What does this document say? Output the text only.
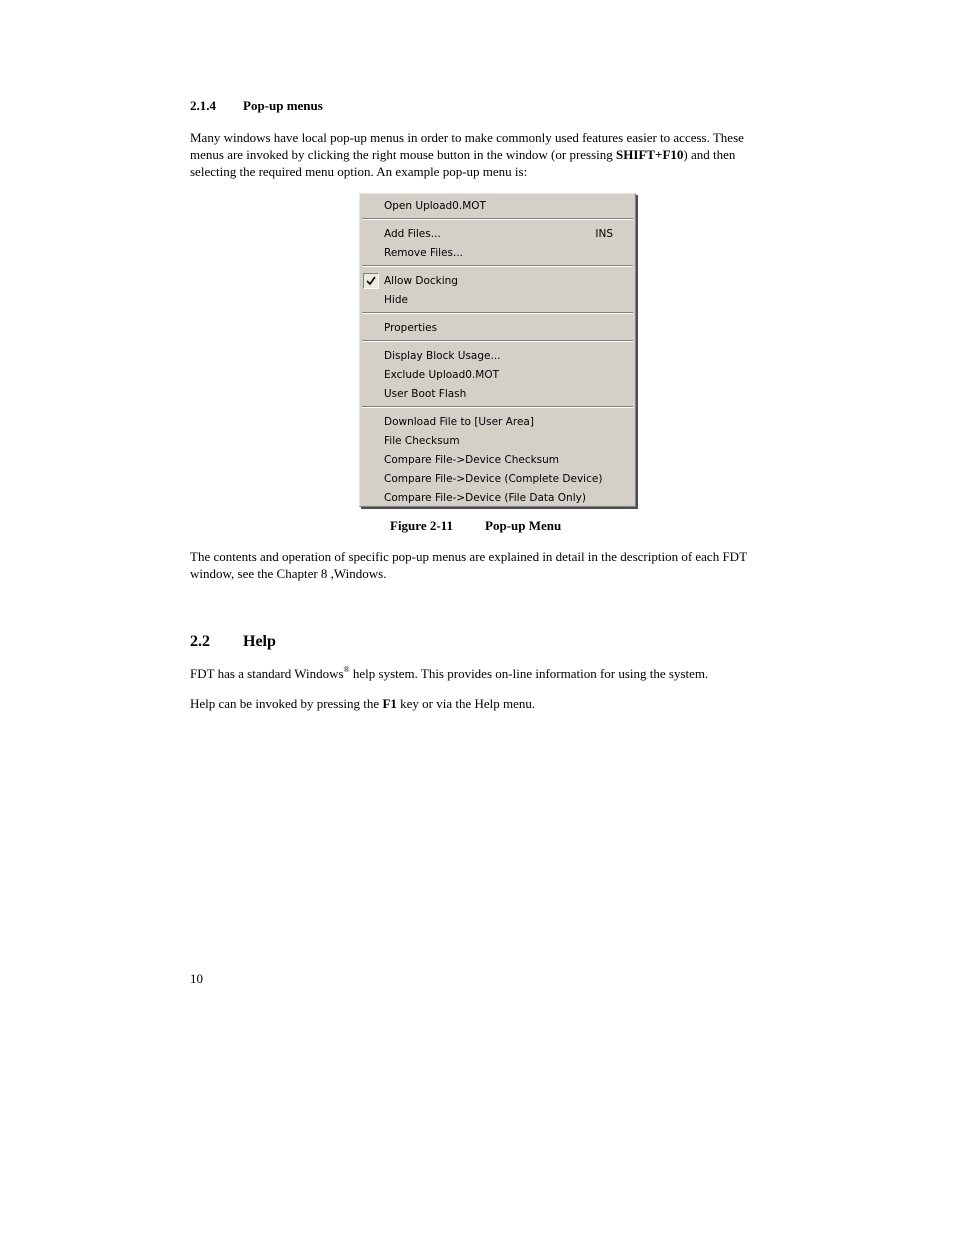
2.1.4 Pop-up menus
Many windows have local pop-up menus in order to make commonly used features easier to access. These menus are invoked by clicking the right mouse button in the window (or pressing SHIFT+F10) and then selecting the required menu option. An example pop-up menu is:
Open Upload0.MOT
Add Files...	INS
Remove Files...
Allow Docking
Hide
Properties
Display Block Usage...
Exclude Upload0.MOT
User Boot Flash
Download File to [User Area]
File Checksum
Compare File->Device Checksum
Compare File->Device (Complete Device)
Compare File->Device (File Data Only)
Figure 2-11 Pop-up Menu
The contents and operation of specific pop-up menus are explained in detail in the description of each FDT window, see the Chapter 8 ,Windows.
2.2 Help
FDT has a standard Windows® help system. This provides on-line information for using the system.
Help can be invoked by pressing the F1 key or via the Help menu.
10
